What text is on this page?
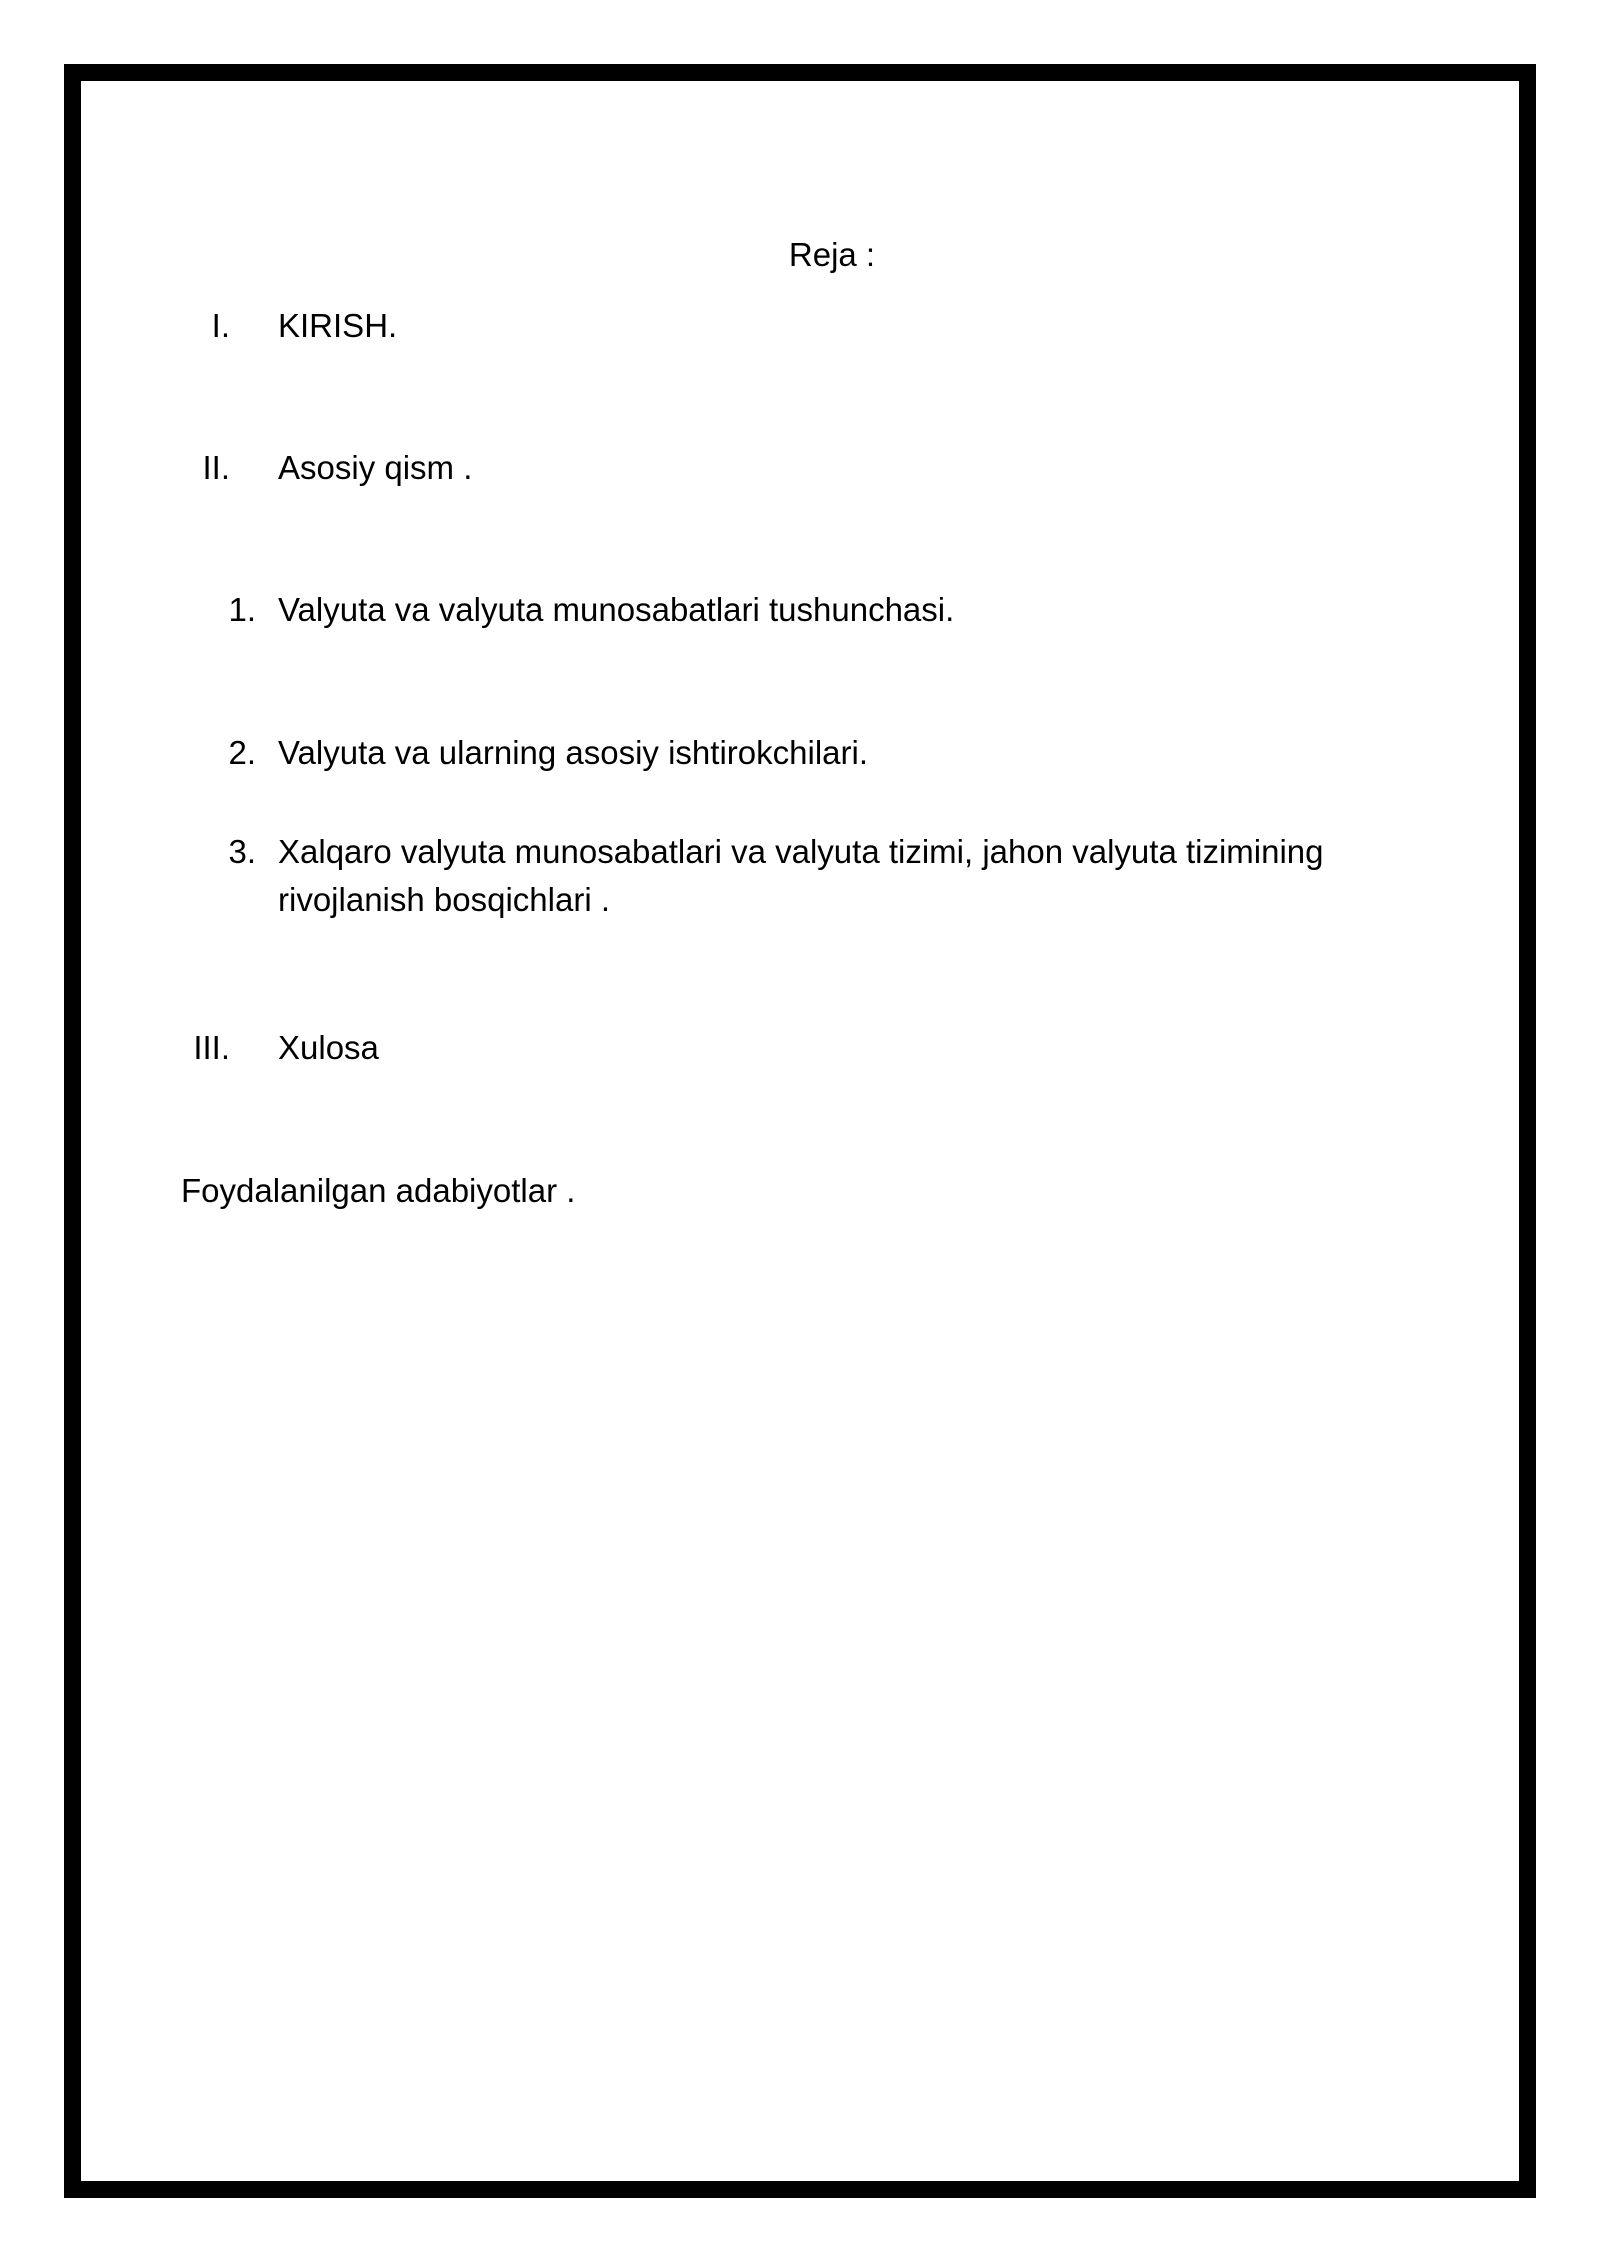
Reja :
I. KIRISH.
II. Asosiy qism .
1. Valyuta va valyuta munosabatlari tushunchasi.
2. Valyuta va ularning asosiy ishtirokchilari.
3. Xalqaro valyuta munosabatlari va valyuta tizimi, jahon valyuta tizimining rivojlanish bosqichlari .
III. Xulosa
Foydalanilgan adabiyotlar .
